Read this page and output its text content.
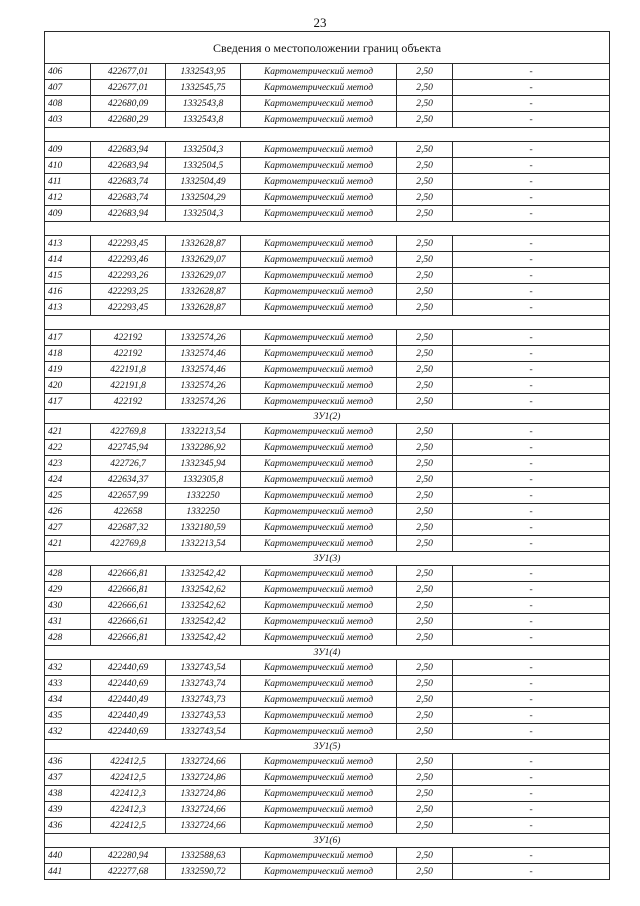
23
Сведения о местоположении границ объекта					
406	422677,01	1332543,95	Картометрический метод	2,50	-
407	422677,01	1332545,75	Картометрический метод	2,50	-
408	422680,09	1332543,8	Картометрический метод	2,50	-
403	422680,29	1332543,8	Картометрический метод	2,50	-

409	422683,94	1332504,3	Картометрический метод	2,50	-
410	422683,94	1332504,5	Картометрический метод	2,50	-
411	422683,74	1332504,49	Картометрический метод	2,50	-
412	422683,74	1332504,29	Картометрический метод	2,50	-
409	422683,94	1332504,3	Картометрический метод	2,50	-

413	422293,45	1332628,87	Картометрический метод	2,50	-
414	422293,46	1332629,07	Картометрический метод	2,50	-
415	422293,26	1332629,07	Картометрический метод	2,50	-
416	422293,25	1332628,87	Картометрический метод	2,50	-
413	422293,45	1332628,87	Картометрический метод	2,50	-

417	422192	1332574,26	Картометрический метод	2,50	-
418	422192	1332574,46	Картометрический метод	2,50	-
419	422191,8	1332574,46	Картометрический метод	2,50	-
420	422191,8	1332574,26	Картометрический метод	2,50	-
417	422192	1332574,26	Картометрический метод	2,50	-
ЗУ1(2)					
421	422769,8	1332213,54	Картометрический метод	2,50	-
422	422745,94	1332286,92	Картометрический метод	2,50	-
423	422726,7	1332345,94	Картометрический метод	2,50	-
424	422634,37	1332305,8	Картометрический метод	2,50	-
425	422657,99	1332250	Картометрический метод	2,50	-
426	422658	1332250	Картометрический метод	2,50	-
427	422687,32	1332180,59	Картометрический метод	2,50	-
421	422769,8	1332213,54	Картометрический метод	2,50	-
ЗУ1(3)					
428	422666,81	1332542,42	Картометрический метод	2,50	-
429	422666,81	1332542,62	Картометрический метод	2,50	-
430	422666,61	1332542,62	Картометрический метод	2,50	-
431	422666,61	1332542,42	Картометрический метод	2,50	-
428	422666,81	1332542,42	Картометрический метод	2,50	-
ЗУ1(4)					
432	422440,69	1332743,54	Картометрический метод	2,50	-
433	422440,69	1332743,74	Картометрический метод	2,50	-
434	422440,49	1332743,73	Картометрический метод	2,50	-
435	422440,49	1332743,53	Картометрический метод	2,50	-
432	422440,69	1332743,54	Картометрический метод	2,50	-
ЗУ1(5)					
436	422412,5	1332724,66	Картометрический метод	2,50	-
437	422412,5	1332724,86	Картометрический метод	2,50	-
438	422412,3	1332724,86	Картометрический метод	2,50	-
439	422412,3	1332724,66	Картометрический метод	2,50	-
436	422412,5	1332724,66	Картометрический метод	2,50	-
ЗУ1(6)					
440	422280,94	1332588,63	Картометрический метод	2,50	-
441	422277,68	1332590,72	Картометрический метод	2,50	-
